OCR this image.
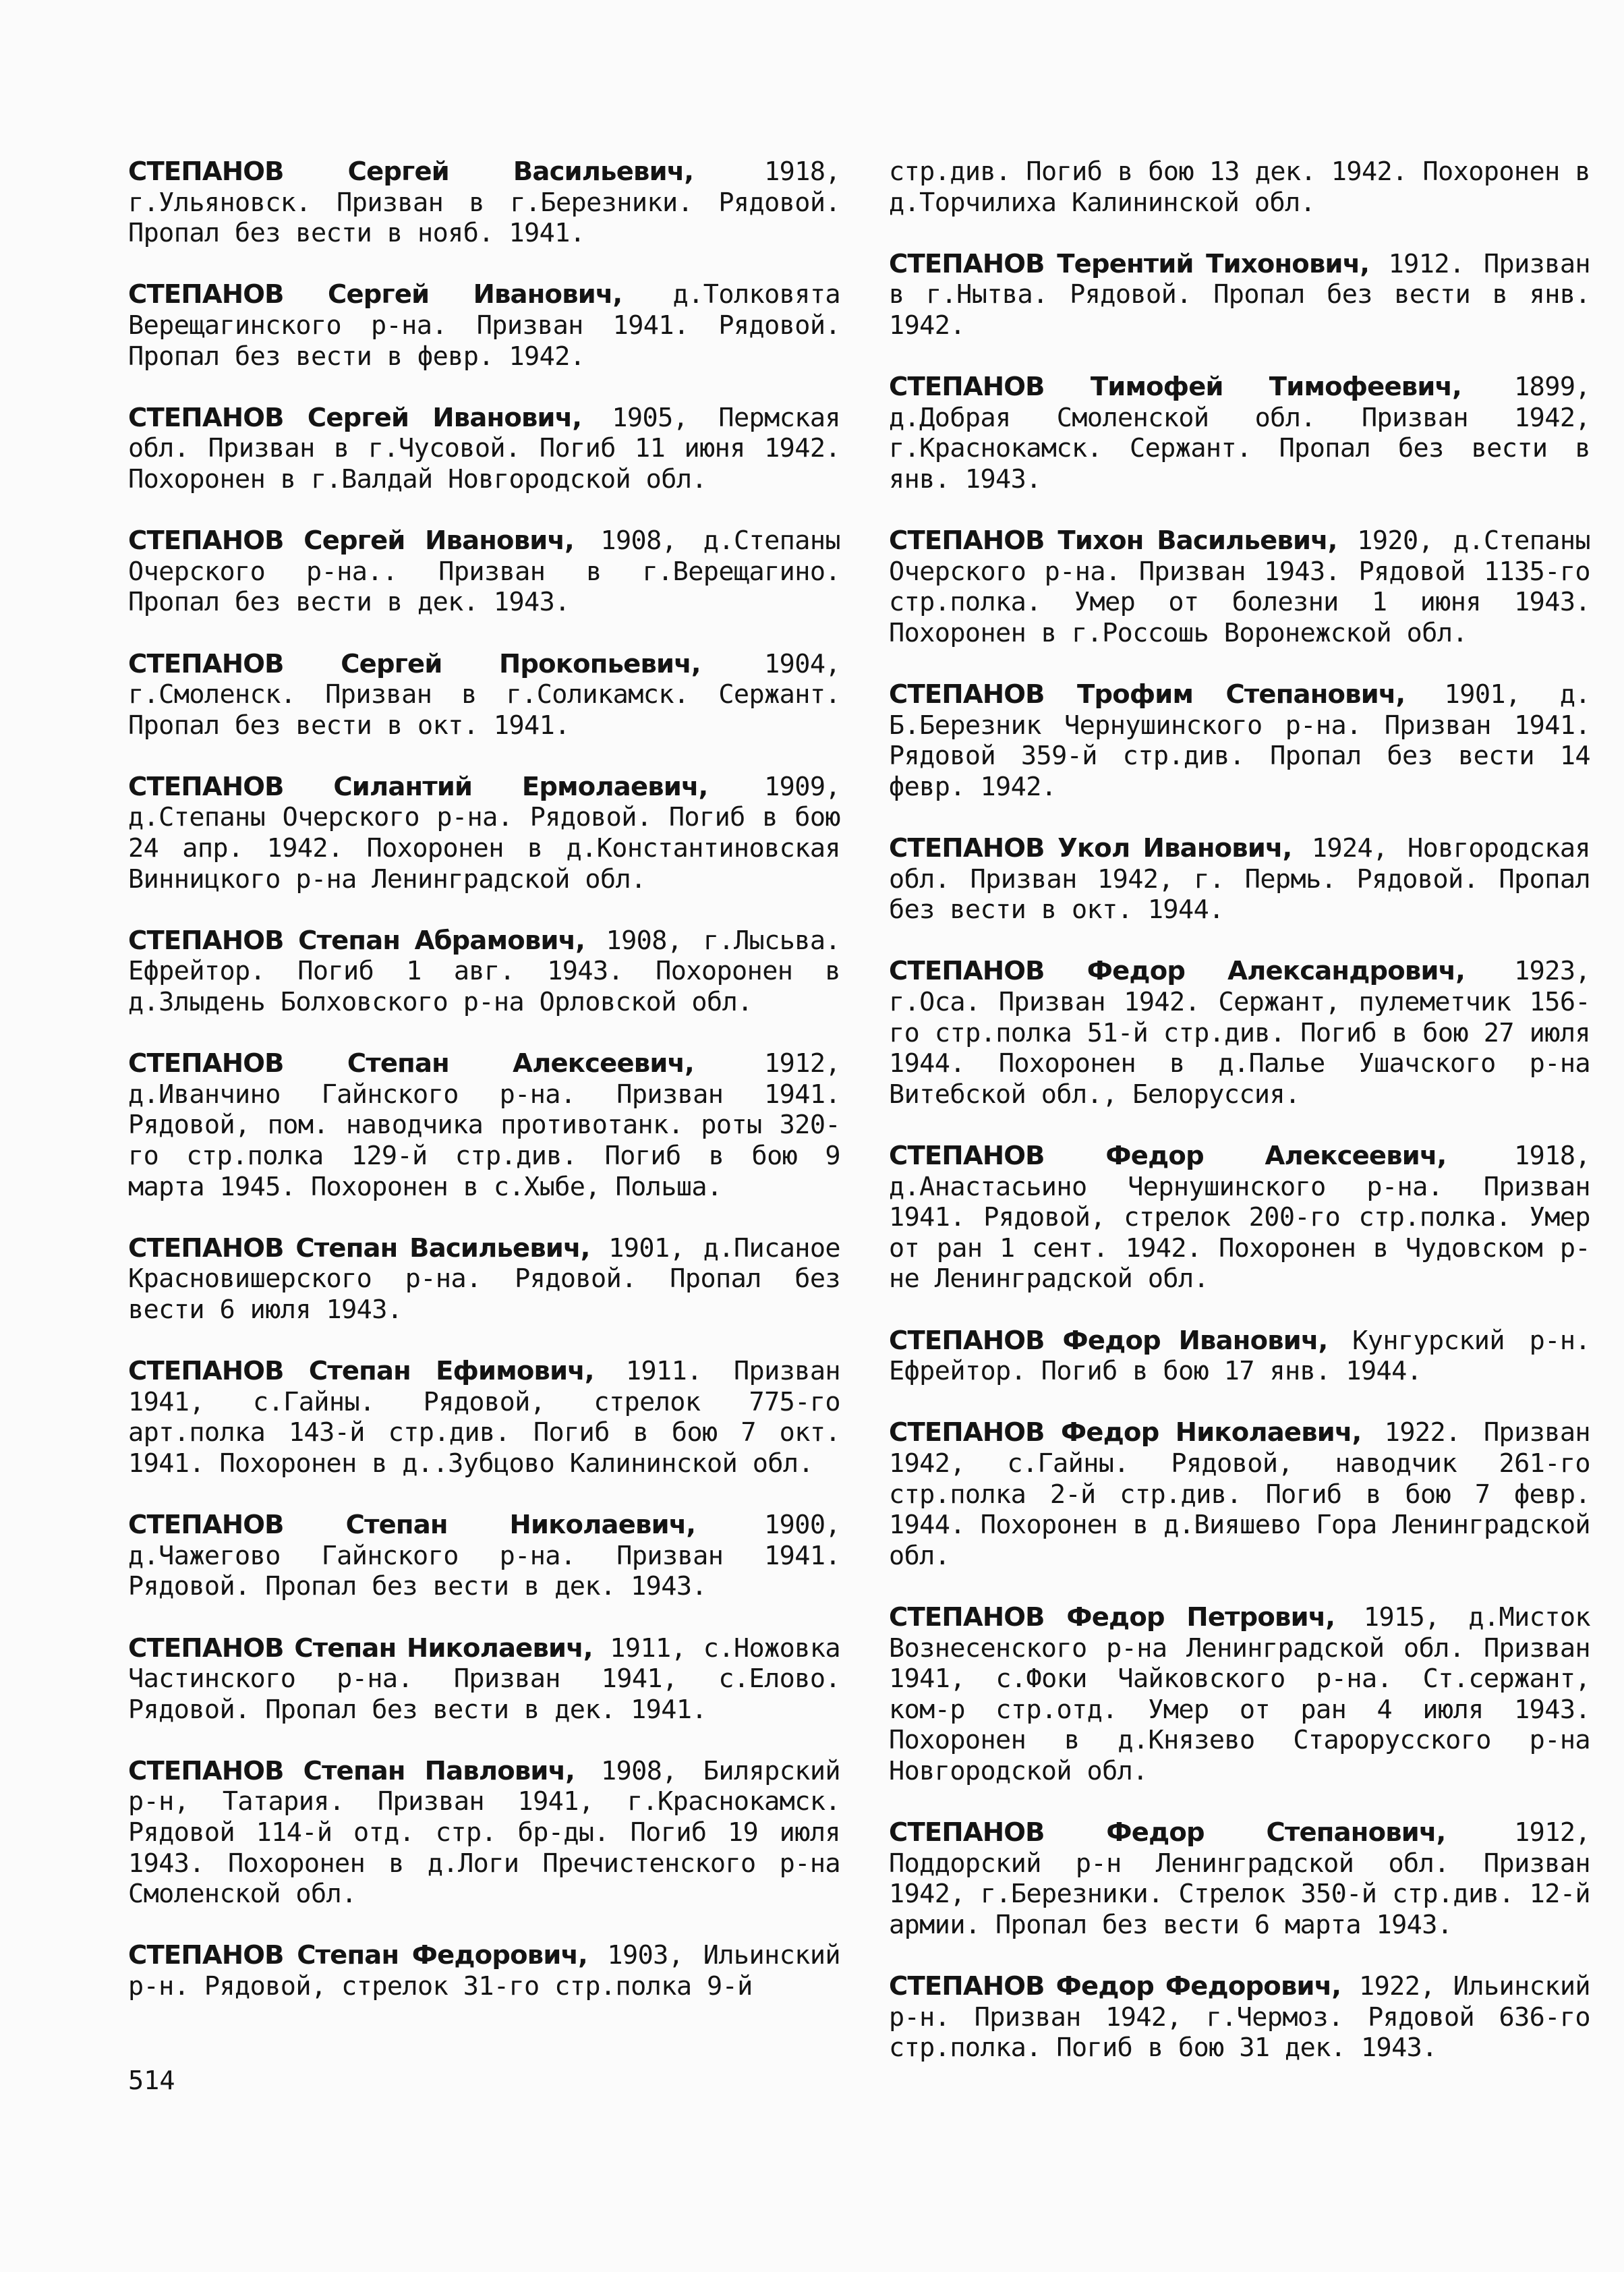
СТЕПАНОВ Сергей Васильевич, 1918, г.Ульяновск. Призван в г.Березники. Рядовой. Пропал без вести в нояб. 1941.

СТЕПАНОВ Сергей Иванович, д.Толковята Верещагинского р-на. Призван 1941. Рядовой. Пропал без вести в февр. 1942.

СТЕПАНОВ Сергей Иванович, 1905, Пермская обл. Призван в г.Чусовой. Погиб 11 июня 1942. Похоронен в г.Валдай Новгородской обл.

СТЕПАНОВ Сергей Иванович, 1908, д.Степаны Очерского р-на.. Призван в г.Верещагино. Пропал без вести в дек. 1943.

СТЕПАНОВ Сергей Прокопьевич, 1904, г.Смоленск. Призван в г.Соликамск. Сержант. Пропал без вести в окт. 1941.

СТЕПАНОВ Силантий Ермолаевич, 1909, д.Степаны Очерского р-на. Рядовой. Погиб в бою 24 апр. 1942. Похоронен в д.Константиновская Винницкого р-на Ленинградской обл.

СТЕПАНОВ Степан Абрамович, 1908, г.Лысьва. Ефрейтор. Погиб 1 авг. 1943. Похоронен в д.Злыдень Болховского р-на Орловской обл.

СТЕПАНОВ Степан Алексеевич, 1912, д.Иванчино Гайнского р-на. Призван 1941. Рядовой, пом. наводчика противотанк. роты 320-го стр.полка 129-й стр.див. Погиб в бою 9 марта 1945. Похоронен в с.Хыбе, Польша.

СТЕПАНОВ Степан Васильевич, 1901, д.Писаное Красновишерского р-на. Рядовой. Пропал без вести 6 июля 1943.

СТЕПАНОВ Степан Ефимович, 1911. Призван 1941, с.Гайны. Рядовой, стрелок 775-го арт.полка 143-й стр.див. Погиб в бою 7 окт. 1941. Похоронен в д..Зубцово Калининской обл.

СТЕПАНОВ Степан Николаевич, 1900, д.Чажегово Гайнского р-на. Призван 1941. Рядовой. Пропал без вести в дек. 1943.

СТЕПАНОВ Степан Николаевич, 1911, с.Ножовка Частинского р-на. Призван 1941, с.Елово. Рядовой. Пропал без вести в дек. 1941.

СТЕПАНОВ Степан Павлович, 1908, Билярский р-н, Татария. Призван 1941, г.Краснокамск. Рядовой 114-й отд. стр. бр-ды. Погиб 19 июля 1943. Похоронен в д.Логи Пречистенского р-на Смоленской обл.

СТЕПАНОВ Степан Федорович, 1903, Ильинский р-н. Рядовой, стрелок 31-го стр.полка 9-й

стр.див. Погиб в бою 13 дек. 1942. Похоронен в д.Торчилиха Калининской обл.

СТЕПАНОВ Терентий Тихонович, 1912. Призван в г.Нытва. Рядовой. Пропал без вести в янв. 1942.

СТЕПАНОВ Тимофей Тимофеевич, 1899, д.Добрая Смоленской обл. Призван 1942, г.Краснокамск. Сержант. Пропал без вести в янв. 1943.

СТЕПАНОВ Тихон Васильевич, 1920, д.Степаны Очерского р-на. Призван 1943. Рядовой 1135-го стр.полка. Умер от болезни 1 июня 1943. Похоронен в г.Россошь Воронежской обл.

СТЕПАНОВ Трофим Степанович, 1901, д. Б.Березник Чернушинского р-на. Призван 1941. Рядовой 359-й стр.див. Пропал без вести 14 февр. 1942.

СТЕПАНОВ Укол Иванович, 1924, Новгородская обл. Призван 1942, г. Пермь. Рядовой. Пропал без вести в окт. 1944.

СТЕПАНОВ Федор Александрович, 1923, г.Оса. Призван 1942. Сержант, пулеметчик 156-го стр.полка 51-й стр.див. Погиб в бою 27 июля 1944. Похоронен в д.Палье Ушачского р-на Витебской обл., Белоруссия.

СТЕПАНОВ Федор Алексеевич, 1918, д.Анастасьино Чернушинского р-на. Призван 1941. Рядовой, стрелок 200-го стр.полка. Умер от ран 1 сент. 1942. Похоронен в Чудовском р-не Ленинградской обл.

СТЕПАНОВ Федор Иванович, Кунгурский р-н. Ефрейтор. Погиб в бою 17 янв. 1944.

СТЕПАНОВ Федор Николаевич, 1922. Призван 1942, с.Гайны. Рядовой, наводчик 261-го стр.полка 2-й стр.див. Погиб в бою 7 февр. 1944. Похоронен в д.Вияшево Гора Ленинградской обл.

СТЕПАНОВ Федор Петрович, 1915, д.Мисток Вознесенского р-на Ленинградской обл. Призван 1941, с.Фоки Чайковского р-на. Ст.сержант, ком-р стр.отд. Умер от ран 4 июля 1943. Похоронен в д.Князево Старорусского р-на Новгородской обл.

СТЕПАНОВ Федор Степанович, 1912, Поддорский р-н Ленинградской обл. Призван 1942, г.Березники. Стрелок 350-й стр.див. 12-й армии. Пропал без вести 6 марта 1943.

СТЕПАНОВ Федор Федорович, 1922, Ильинский р-н. Призван 1942, г.Чермоз. Рядовой 636-го стр.полка. Погиб в бою 31 дек. 1943.

514
